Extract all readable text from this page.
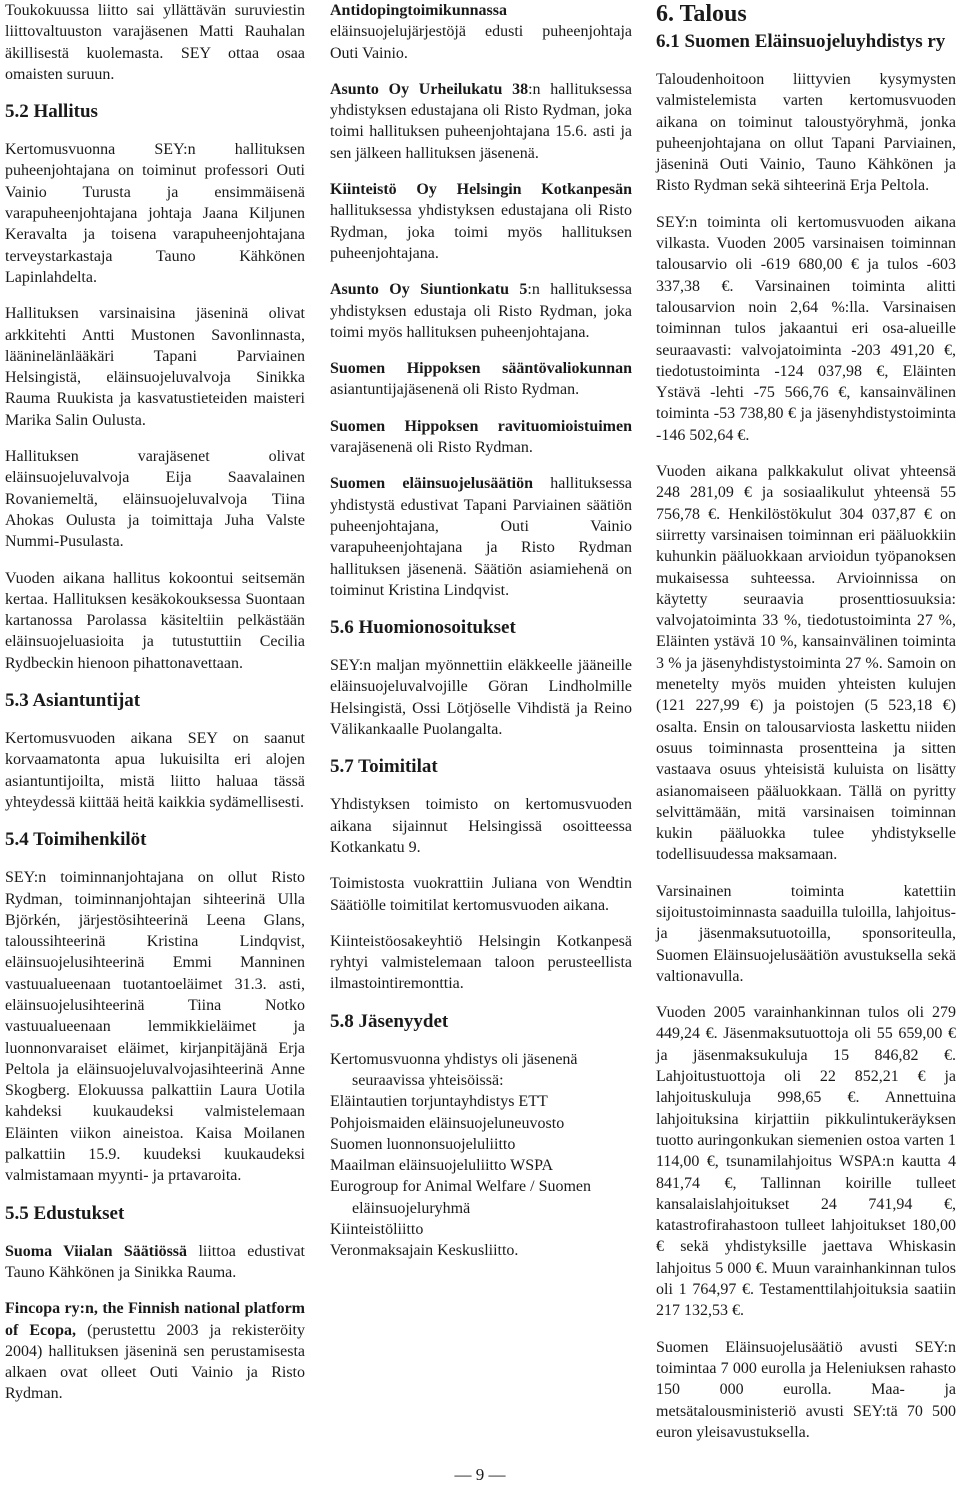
Toukokuussa liitto sai yllättävän suruviestin liittovaltuuston varajäsenen Matti Rauhalan äkillisestä kuolemasta. SEY ottaa osaa omaisten suruun.

5.2 Hallitus

Kertomusvuonna SEY:n hallituksen puheenjohtajana on toiminut professori Outi Vainio Turusta ja ensimmäisenä varapuheenjohtajana johtaja Jaana Kiljunen Keravalta ja toisena varapuheenjohtajana terveystarkastaja Tauno Kähkönen Lapinlahdelta.

Hallituksen varsinaisina jäseninä olivat arkkitehti Antti Mustonen Savonlinnasta, lääninelänlääkäri Tapani Parviainen Helsingistä, eläinsuojeluvalvoja Sinikka Rauma Ruukista ja kasvatustieteiden maisteri Marika Salin Oulusta.

Hallituksen varajäsenet olivat eläinsuojeluvalvoja Eija Saavalainen Rovaniemeltä, eläinsuojeluvalvoja Tiina Ahokas Oulusta ja toimittaja Juha Valste Nummi-Pusulasta.

Vuoden aikana hallitus kokoontui seitsemän kertaa. Hallituksen kesäkokouksessa Suontaan kartanossa Parolassa käsiteltiin pelkästään eläinsuojeluasioita ja tutustuttiin Cecilia Rydbeckin hienoon pihattonavettaan.

5.3 Asiantuntijat

Kertomusvuoden aikana SEY on saanut korvaamatonta apua lukuisilta eri alojen asiantuntijoilta, mistä liitto haluaa tässä yhteydessä kiittää heitä kaikkia sydämellisesti.

5.4 Toimihenkilöt

SEY:n toiminnanjohtajana on ollut Risto Rydman, toiminnanjohtajan sihteerinä Ulla Björkén, järjestösihteerinä Leena Glans, taloussihteerinä Kristina Lindqvist, eläinsuojelusihteerinä Emmi Manninen vastuualueenaan tuotantoeläimet 31.3. asti, eläinsuojelusihteerinä Tiina Notko vastuualueenaan lemmikkieläimet ja luonnonvaraiset eläimet, kirjanpitäjänä Erja Peltola ja eläinsuojeluvalvojasihteerinä Anne Skogberg. Elokuussa palkattiin Laura Uotila kahdeksi kuukaudeksi valmistelemaan Eläinten viikon aineistoa. Kaisa Moilanen palkattiin 15.9. kuudeksi kuukaudeksi valmistamaan myynti- ja prtavaroita.

5.5 Edustukset

Suoma Viialan Säätiössä liittoa edustivat Tauno Kähkönen ja Sinikka Rauma.

Fincopa ry:n, the Finnish national platform of Ecopa, (perustettu 2003 ja rekisteröity 2004) hallituksen jäseninä sen perustamisesta alkaen ovat olleet Outi Vainio ja Risto Rydman.

Antidopingtoimikunnassa eläinsuojelujärjestöjä edusti puheenjohtaja Outi Vainio.

Asunto Oy Urheilukatu 38:n hallituksessa yhdistyksen edustajana oli Risto Rydman, joka toimi hallituksen puheenjohtajana 15.6. asti ja sen jälkeen hallituksen jäsenenä.

Kiinteistö Oy Helsingin Kotkanpesän hallituksessa yhdistyksen edustajana oli Risto Rydman, joka toimi myös hallituksen puheenjohtajana.

Asunto Oy Siuntionkatu 5:n hallituksessa yhdistyksen edustaja oli Risto Rydman, joka toimi myös hallituksen puheenjohtajana.

Suomen Hippoksen sääntövaliokunnan asiantuntijajäsenenä oli Risto Rydman.

Suomen Hippoksen ravituomioistuimen varajäsenenä oli Risto Rydman.

Suomen eläinsuojelusäätiön hallituksessa yhdistystä edustivat Tapani Parviainen säätiön puheenjohtajana, Outi Vainio varapuheenjohtajana ja Risto Rydman hallituksen jäsenenä. Säätiön asiamiehenä on toiminut Kristina Lindqvist.

5.6 Huomionosoitukset

SEY:n maljan myönnettiin eläkkeelle jääneille eläinsuojeluvalvojille Göran Lindholmille Helsingistä, Ossi Lötjöselle Vihdistä ja Reino Välikankaalle Puolangalta.

5.7 Toimitilat

Yhdistyksen toimisto on kertomusvuoden aikana sijainnut Helsingissä osoitteessa Kotkankatu 9.

Toimistosta vuokrattiin Juliana von Wendtin Säätiölle toimitilat kertomusvuoden aikana.

Kiinteistöosakeyhtiö Helsingin Kotkanpesä ryhtyi valmistelemaan taloon perusteellista ilmastointiremonttia.

5.8 Jäsenyydet
Kertomusvuonna yhdistys oli jäsenenä seuraavissa yhteisöissä:
Eläintautien torjuntayhdistys ETT
Pohjoismaiden eläinsuojeluneuvosto
Suomen luonnonsuojeluliitto
Maailman eläinsuojeluliitto WSPA
Eurogroup for Animal Welfare / Suomen eläinsuojeluryhmä
Kiinteistöliitto
Veronmaksajain Keskusliitto.
6. Talous
6.1 Suomen Eläinsuojeluyhdistys ry

Taloudenhoitoon liittyvien kysymysten valmistelemista varten kertomusvuoden aikana on toiminut taloustyöryhmä, jonka puheenjohtajana on ollut Tapani Parviainen, jäseninä Outi Vainio, Tauno Kähkönen ja Risto Rydman sekä sihteerinä Erja Peltola.

SEY:n toiminta oli kertomusvuoden aikana vilkasta. Vuoden 2005 varsinaisen toiminnan talousarvio oli -619 680,00 € ja tulos -603 337,38 €. Varsinainen toiminta alitti talousarvion noin 2,64 %:lla. Varsinaisen toiminnan tulos jakaantui eri osa-alueille seuraavasti: valvojatoiminta -203 491,20 €, tiedotustoiminta -124 037,98 €, Eläinten Ystävä -lehti -75 566,76 €, kansainvälinen toiminta -53 738,80 € ja jäsenyhdistystoiminta -146 502,64 €.

Vuoden aikana palkkakulut olivat yhteensä 248 281,09 € ja sosiaalikulut yhteensä 55 756,78 €. Henkilöstökulut 304 037,87 € on siirretty varsinaisen toiminnan eri pääluokkiin kuhunkin pääluokkaan arvioidun työpanoksen mukaisessa suhteessa. Arvioinnissa on käytetty seuraavia prosenttiosuuksia: valvojatoiminta 33 %, tiedotustoiminta 27 %, Eläinten ystävä 10 %, kansainvälinen toiminta 3 % ja jäsenyhdistystoiminta 27 %. Samoin on menetelty myös muiden yhteisten kulujen (121 227,99 €) ja poistojen (5 523,18 €) osalta. Ensin on talousarviosta laskettu niiden osuus toiminnasta prosentteina ja sitten vastaava osuus yhteisistä kuluista on lisätty asianomaiseen pääluokkaan. Tällä on pyritty selvittämään, mitä varsinaisen toiminnan kukin pääluokka tulee yhdistykselle todellisuudessa maksamaan.

Varsinainen toiminta katettiin sijoitustoiminnasta saaduilla tuloilla, lahjoitus- ja jäsenmaksutuotoilla, sponsoriteulla, Suomen Eläinsuojelusäätiön avustuksella sekä valtionavulla.

Vuoden 2005 varainhankinnan tulos oli 279 449,24 €. Jäsenmaksutuottoja oli 55 659,00 € ja jäsenmaksukuluja 15 846,82 €. Lahjoitustuottoja oli 22 852,21 € ja lahjoituskuluja 998,65 €. Annettuina lahjoituksina kirjattiin pikkulintukeräyksen tuotto auringonkukan siemenien ostoa varten 1 114,00 €, tsunamilahjoitus WSPA:n kautta 4 841,74 €, Tallinnan koirille tulleet kansalaislahjoitukset 24 741,94 €, katastrofirahastoon tulleet lahjoitukset 180,00 € sekä yhdistyksille jaettava Whiskasin lahjoitus 5 000 €. Muun varainhankinnan tulos oli 1 764,97 €. Testamenttilahjoituksia saatiin 217 132,53 €.

Suomen Eläinsuojelusäätiö avusti SEY:n toimintaa 7 000 eurolla ja Heleniuksen rahasto 150 000 eurolla. Maa- ja metsätalousministeriö avusti SEY:tä 70 500 euron yleisavustuksella.

— 9 —
